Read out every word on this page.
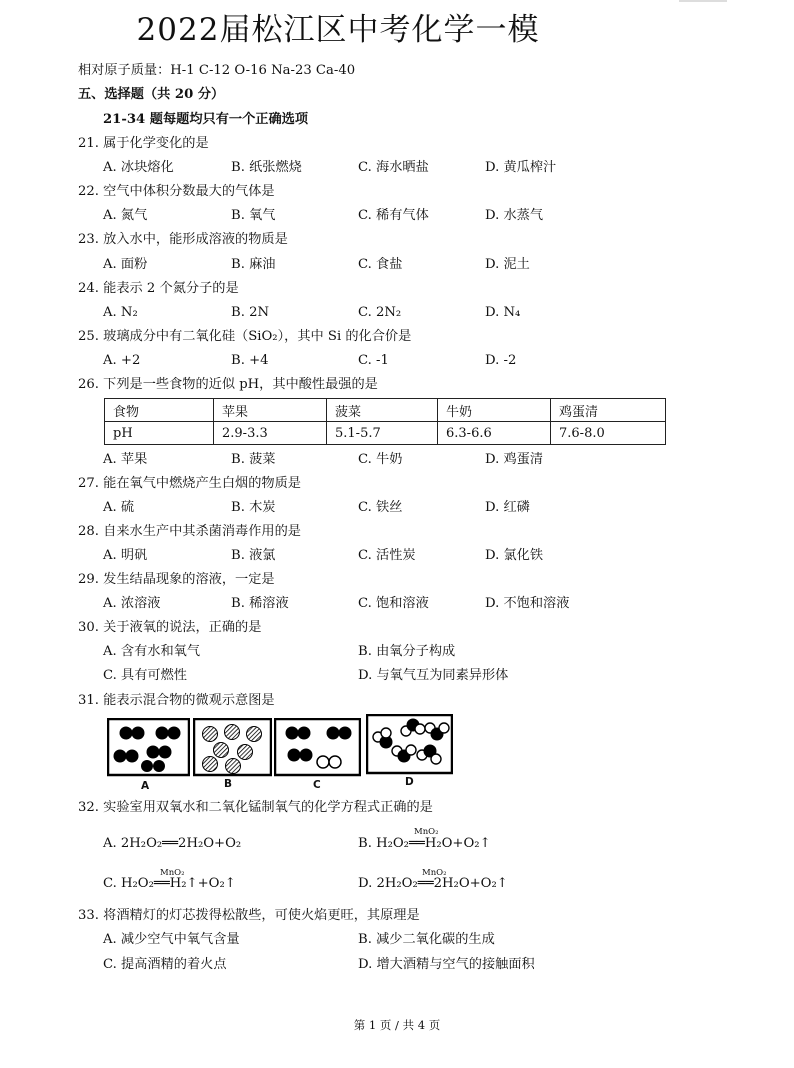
2022届松江区中考化学一模
相对原子质量：H-1 C-12 O-16 Na-23 Ca-40
五、选择题（共 20 分）
21-34 题每题均只有一个正确选项
21. 属于化学变化的是
A. 冰块熔化	B. 纸张燃烧	C. 海水晒盐	D. 黄瓜榨汁
22. 空气中体积分数最大的气体是
A. 氮气	B. 氧气	C. 稀有气体	D. 水蒸气
23. 放入水中，能形成溶液的物质是
A. 面粉	B. 麻油	C. 食盐	D. 泥土
24. 能表示 2 个氮分子的是
A. N₂	B. 2N	C. 2N₂	D. N₄
25. 玻璃成分中有二氧化硅（SiO₂），其中 Si 的化合价是
A. +2	B. +4	C. -1	D. -2
26. 下列是一些食物的近似 pH，其中酸性最强的是
食物	苹果	菠菜	牛奶	鸡蛋清
pH	2.9-3.3	5.1-5.7	6.3-6.6	7.6-8.0
A. 苹果	B. 菠菜	C. 牛奶	D. 鸡蛋清
27. 能在氧气中燃烧产生白烟的物质是
A. 硫	B. 木炭	C. 铁丝	D. 红磷
28. 自来水生产中其杀菌消毒作用的是
A. 明矾	B. 液氯	C. 活性炭	D. 氯化铁
29. 发生结晶现象的溶液，一定是
A. 浓溶液	B. 稀溶液	C. 饱和溶液	D. 不饱和溶液
30. 关于液氧的说法，正确的是
A. 含有水和氧气	B. 由氧分子构成
C. 具有可燃性	D. 与氧气互为同素异形体
31. 能表示混合物的微观示意图是
A	B	C	D
32. 实验室用双氧水和二氧化锰制氧气的化学方程式正确的是
A. 2H₂O₂══2H₂O+O₂
MnO₂
B. H₂O₂══H₂O+O₂↑
MnO₂
C. H₂O₂══H₂↑+O₂↑
MnO₂
D. 2H₂O₂══2H₂O+O₂↑
33. 将酒精灯的灯芯拨得松散些，可使火焰更旺，其原理是
A. 减少空气中氧气含量	B. 减少二氧化碳的生成
C. 提高酒精的着火点	D. 增大酒精与空气的接触面积
第 1 页 / 共 4 页
